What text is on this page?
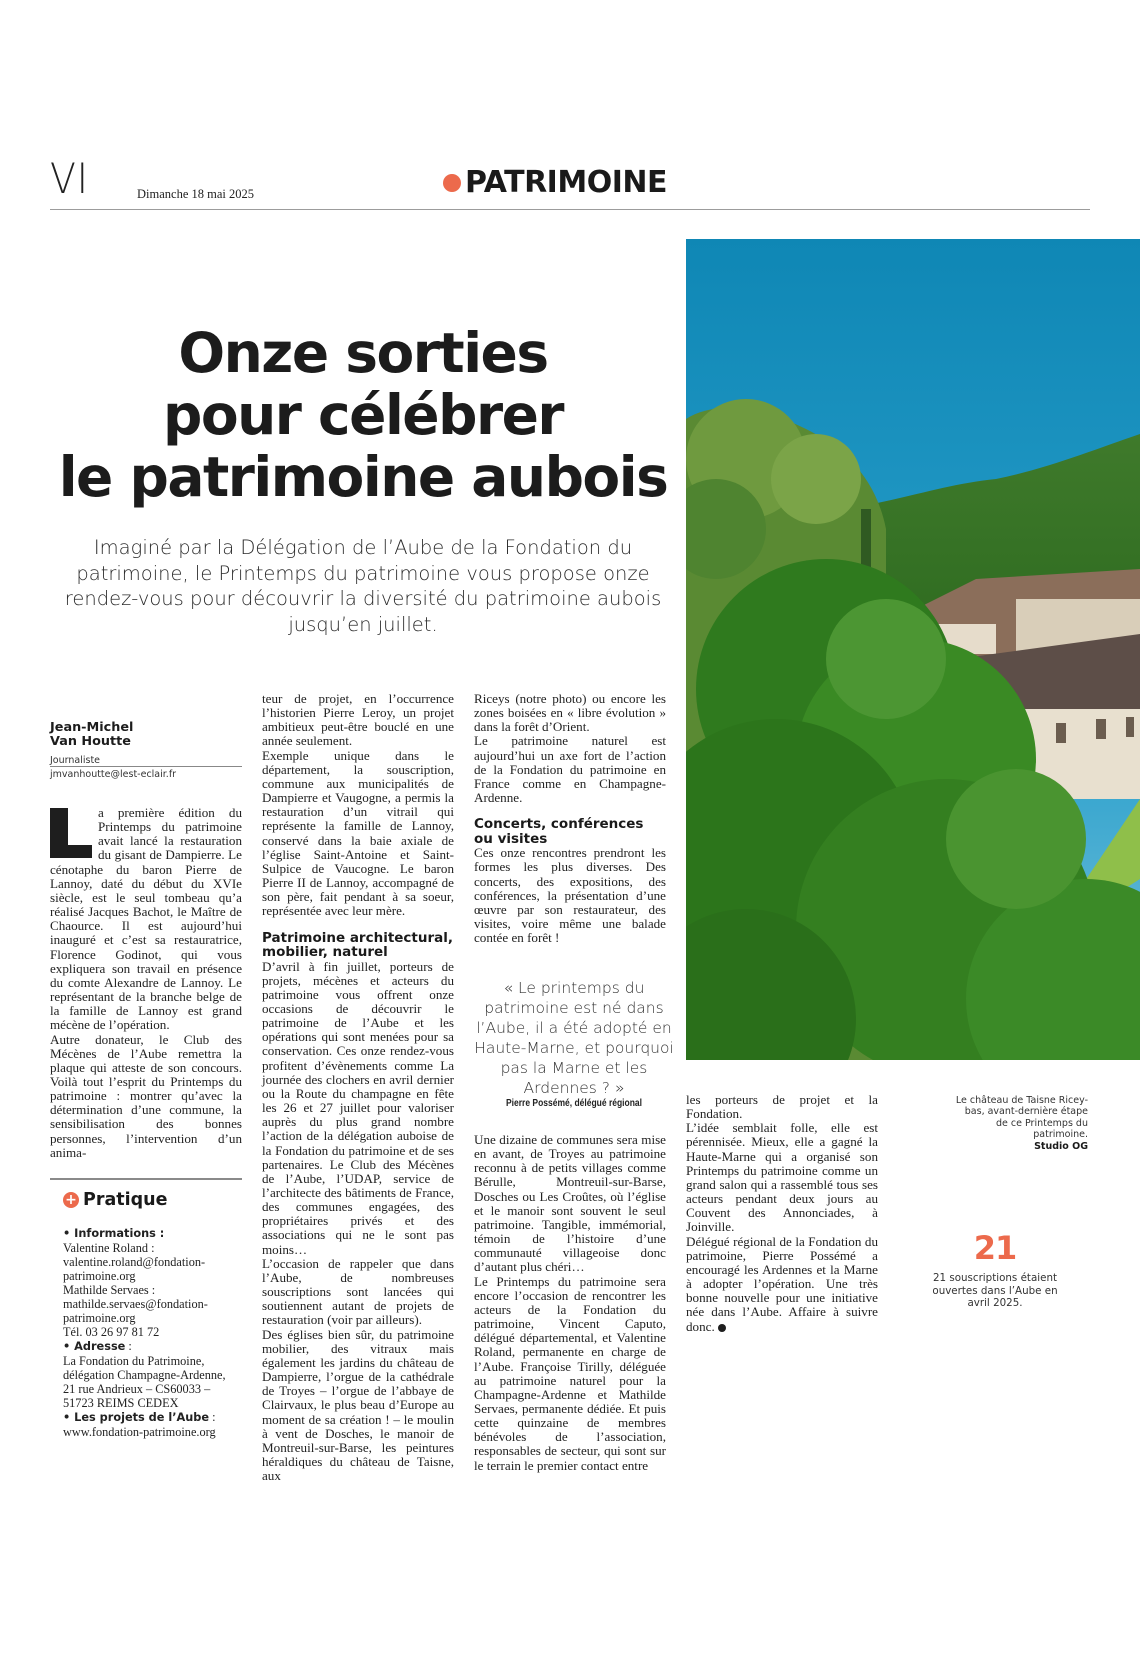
VI	Dimanche 18 mai 2025	PATRIMOINE
Onze sorties
pour célébrer
le patrimoine aubois
Imaginé par la Délégation de l’Aube de la Fondation du patrimoine, le Printemps du patrimoine vous propose onze rendez-vous pour découvrir la diversité du patrimoine aubois jusqu’en juillet.
Jean-Michel
Van Houtte
Journaliste
jmvanhoutte@lest-eclair.fr

a première édition du Printemps du patrimoine avait lancé la restauration du gisant de Dampierre. Le cénotaphe du baron Pierre de Lannoy, daté du début du XVIe siècle, est le seul tombeau qu’a réalisé Jacques Bachot, le Maître de Chaource. Il est aujourd’hui inauguré et c’est sa restauratrice, Florence Godinot, qui vous expliquera son travail en présence du comte Alexandre de Lannoy. Le représentant de la branche belge de la famille de Lannoy est grand mécène de l’opération.

Autre donateur, le Club des Mécènes de l’Aube remettra la plaque qui atteste de son concours. Voilà tout l’esprit du Printemps du patrimoine : montrer qu’avec la détermination d’une commune, la sensibilisation des bonnes personnes, l’intervention d’un anima-

+ Pratique
• Informations :
Valentine Roland :
valentine.roland@fondation-patrimoine.org
Mathilde Servaes :
mathilde.servaes@fondation-patrimoine.org
Tél. 03 26 97 81 72
• Adresse :
La Fondation du Patrimoine, délégation Champagne-Ardenne,
21 rue Andrieux – CS60033 – 51723 REIMS CEDEX
• Les projets de l’Aube :
www.fondation-patrimoine.org

teur de projet, en l’occurrence l’historien Pierre Leroy, un projet ambitieux peut-être bouclé en une année seulement.

Exemple unique dans le département, la souscription, commune aux municipalités de Dampierre et Vaugogne, a permis la restauration d’un vitrail qui représente la famille de Lannoy, conservé dans la baie axiale de l’église Saint-Antoine et Saint-Sulpice de Vaucogne. Le baron Pierre II de Lannoy, accompagné de son père, fait pendant à sa soeur, représentée avec leur mère.

Patrimoine architectural, mobilier, naturel

D’avril à fin juillet, porteurs de projets, mécènes et acteurs du patrimoine vous offrent onze occasions de découvrir le patrimoine de l’Aube et les opérations qui sont menées pour sa conservation. Ces onze rendez-vous profitent d’évènements comme La journée des clochers en avril dernier ou la Route du champagne en fête les 26 et 27 juillet pour valoriser auprès du plus grand nombre l’action de la délégation auboise de la Fondation du patrimoine et de ses partenaires. Le Club des Mécènes de l’Aube, l’UDAP, service de l’architecte des bâtiments de France, des communes engagées, des propriétaires privés et des associations qui ne le sont pas moins…

L’occasion de rappeler que dans l’Aube, de nombreuses souscriptions sont lancées qui soutiennent autant de projets de restauration (voir par ailleurs).

Des églises bien sûr, du patrimoine mobilier, des vitraux mais également les jardins du château de Dampierre, l’orgue de la cathédrale de Troyes – l’orgue de l’abbaye de Clairvaux, le plus beau d’Europe au moment de sa création ! – le moulin à vent de Dosches, le manoir de Montreuil-sur-Barse, les peintures héraldiques du château de Taisne, aux

Riceys (notre photo) ou encore les zones boisées en « libre évolution » dans la forêt d’Orient.

Le patrimoine naturel est aujourd’hui un axe fort de l’action de la Fondation du patrimoine en France comme en Champagne-Ardenne.

Concerts, conférences ou visites

Ces onze rencontres prendront les formes les plus diverses. Des concerts, des expositions, des conférences, la présentation d’une œuvre par son restaurateur, des visites, voire même une balade contée en forêt !

« Le printemps du patrimoine est né dans l’Aube, il a été adopté en Haute-Marne, et pourquoi pas la Marne et les Ardennes ? »
Pierre Possémé, délégué régional

Une dizaine de communes sera mise en avant, de Troyes au patrimoine reconnu à de petits villages comme Bérulle, Montreuil-sur-Barse, Dosches ou Les Croûtes, où l’église et le manoir sont souvent le seul patrimoine. Tangible, immémorial, témoin de l’histoire d’une communauté villageoise donc d’autant plus chéri…

Le Printemps du patrimoine sera encore l’occasion de rencontrer les acteurs de la Fondation du patrimoine, Vincent Caputo, délégué départemental, et Valentine Roland, permanente en charge de l’Aube. Françoise Tirilly, déléguée au patrimoine naturel pour la Champagne-Ardenne et Mathilde Servaes, permanente dédiée. Et puis cette quinzaine de membres bénévoles de l’association, responsables de secteur, qui sont sur le terrain le premier contact entre

les porteurs de projet et la Fondation.

L’idée semblait folle, elle est pérennisée. Mieux, elle a gagné la Haute-Marne qui a organisé son Printemps du patrimoine comme un grand salon qui a rassemblé tous ses acteurs pendant deux jours au Couvent des Annonciades, à Joinville.

Délégué régional de la Fondation du patrimoine, Pierre Possémé a encouragé les Ardennes et la Marne à adopter l’opération. Une très bonne nouvelle pour une initiative née dans l’Aube. Affaire à suivre donc.

Le château de Taisne Ricey-bas, avant-dernière étape de ce Printemps du patrimoine.
Studio OG
21
21 souscriptions étaient ouvertes dans l’Aube en avril 2025.
